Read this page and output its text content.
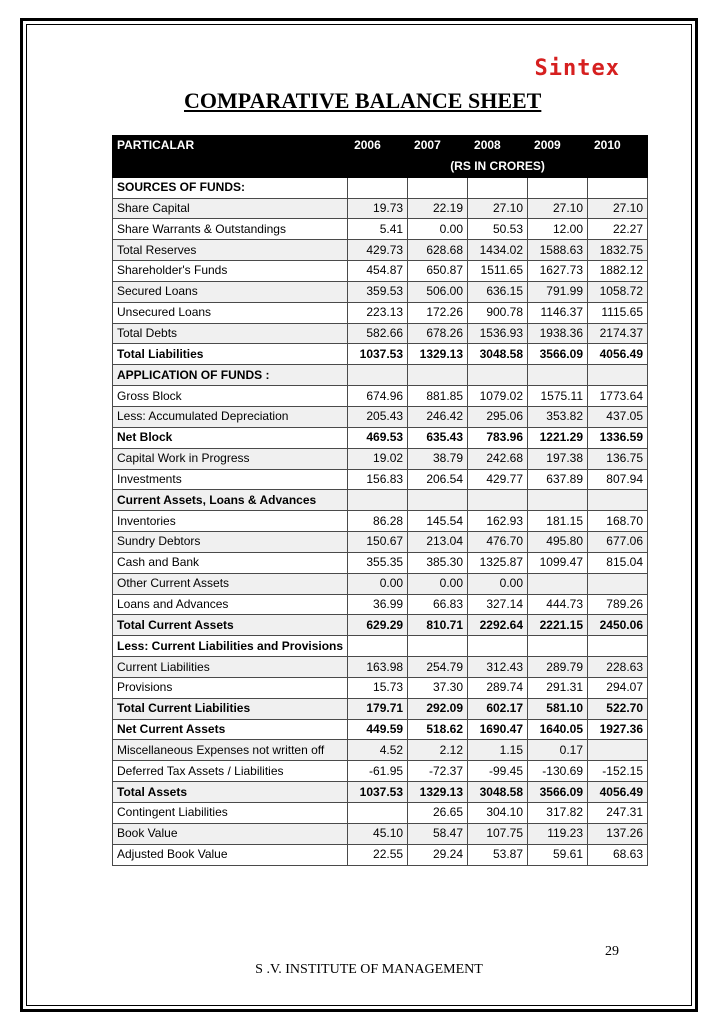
Sintex
COMPARATIVE BALANCE SHEET
PARTICALAR	2006	2007	2008	2009	2010
	(RS IN CRORES)				
SOURCES OF FUNDS:					
Share Capital	19.73	22.19	27.10	27.10	27.10
Share Warrants & Outstandings	5.41	0.00	50.53	12.00	22.27
Total Reserves	429.73	628.68	1434.02	1588.63	1832.75
Shareholder's Funds	454.87	650.87	1511.65	1627.73	1882.12
Secured Loans	359.53	506.00	636.15	791.99	1058.72
Unsecured Loans	223.13	172.26	900.78	1146.37	1115.65
Total Debts	582.66	678.26	1536.93	1938.36	2174.37
Total Liabilities	1037.53	1329.13	3048.58	3566.09	4056.49
APPLICATION OF FUNDS :					
Gross Block	674.96	881.85	1079.02	1575.11	1773.64
Less: Accumulated Depreciation	205.43	246.42	295.06	353.82	437.05
Net Block	469.53	635.43	783.96	1221.29	1336.59
Capital Work in Progress	19.02	38.79	242.68	197.38	136.75
Investments	156.83	206.54	429.77	637.89	807.94
Current Assets, Loans & Advances					
Inventories	86.28	145.54	162.93	181.15	168.70
Sundry Debtors	150.67	213.04	476.70	495.80	677.06
Cash and Bank	355.35	385.30	1325.87	1099.47	815.04
Other Current Assets	0.00	0.00	0.00		
Loans and Advances	36.99	66.83	327.14	444.73	789.26
Total Current Assets	629.29	810.71	2292.64	2221.15	2450.06
Less: Current Liabilities and Provisions					
Current Liabilities	163.98	254.79	312.43	289.79	228.63
Provisions	15.73	37.30	289.74	291.31	294.07
Total Current Liabilities	179.71	292.09	602.17	581.10	522.70
Net Current Assets	449.59	518.62	1690.47	1640.05	1927.36
Miscellaneous Expenses not written off	4.52	2.12	1.15	0.17	
Deferred Tax Assets / Liabilities	-61.95	-72.37	-99.45	-130.69	-152.15
Total Assets	1037.53	1329.13	3048.58	3566.09	4056.49
Contingent Liabilities		26.65	304.10	317.82	247.31
Book Value	45.10	58.47	107.75	119.23	137.26
Adjusted Book Value	22.55	29.24	53.87	59.61	68.63
29
S .V. INSTITUTE OF MANAGEMENT
